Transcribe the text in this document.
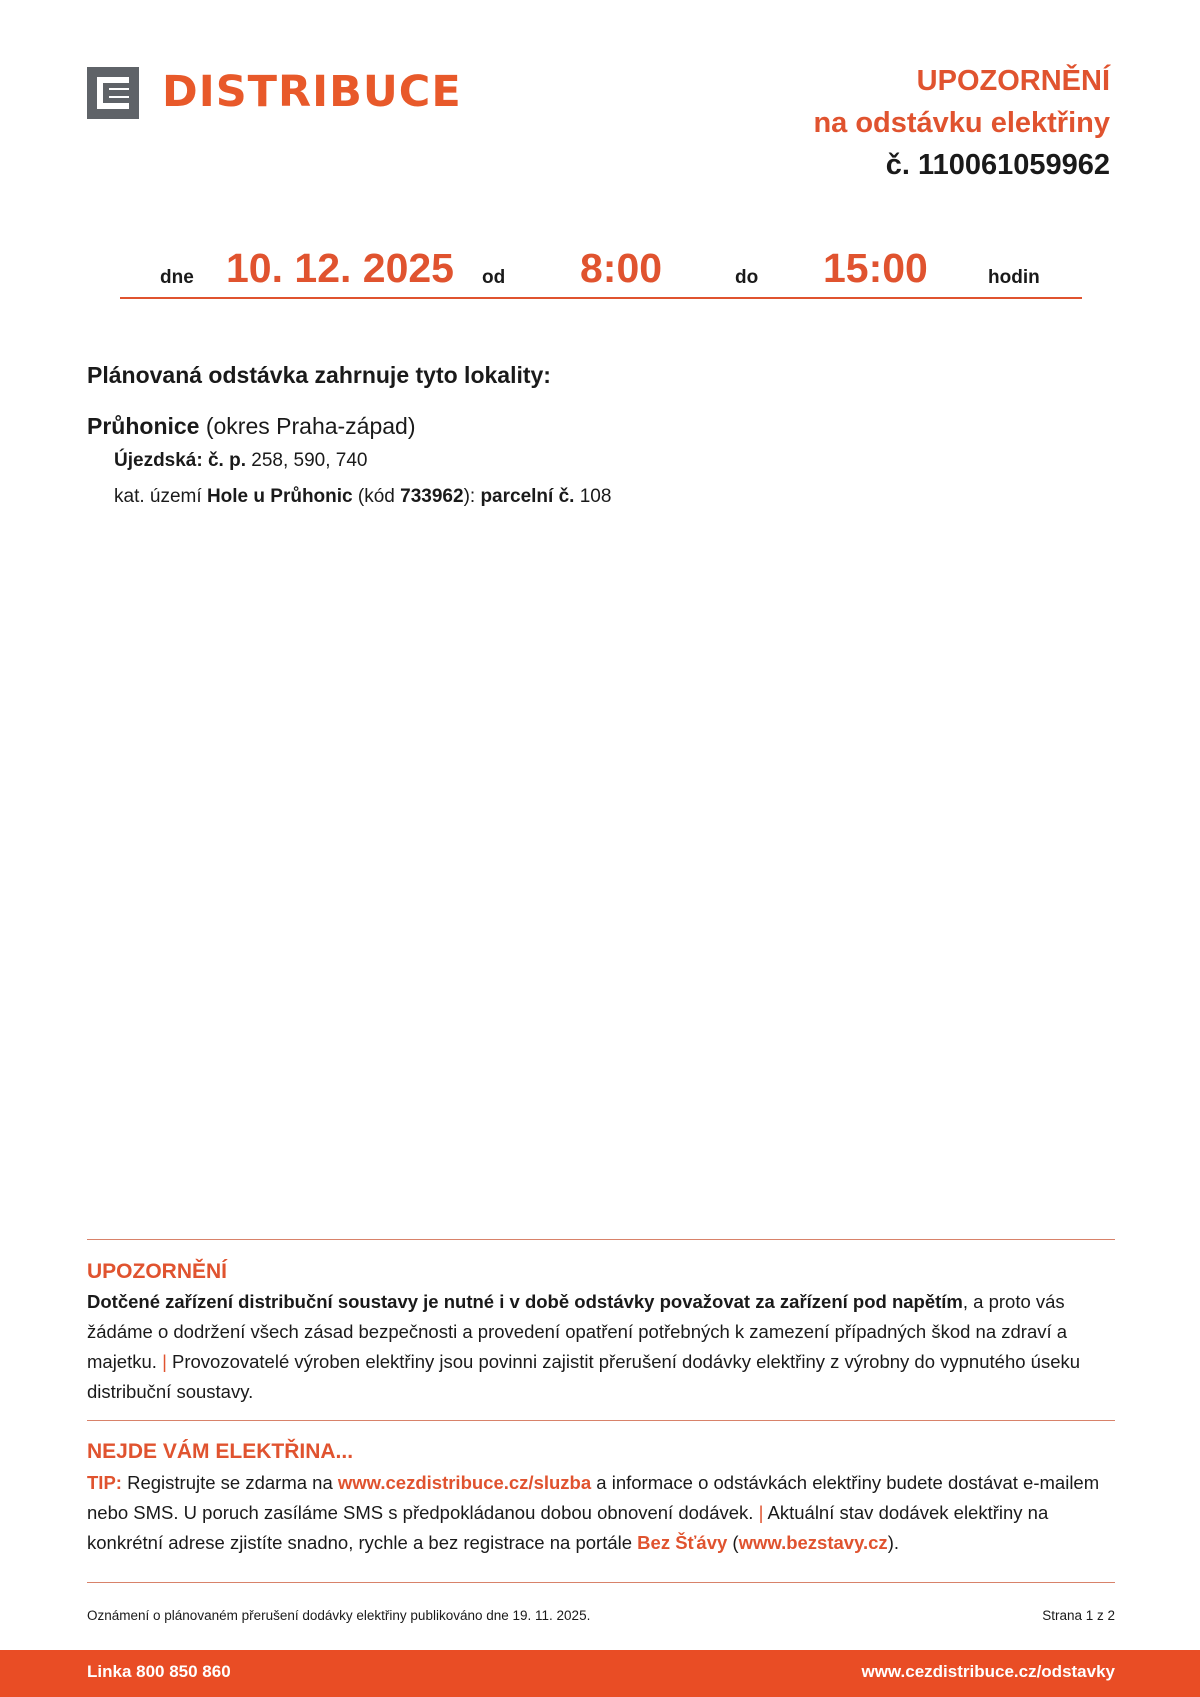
DISTRIBUCE	UPOZORNĚNÍ
na odstávku elektřiny
č. 110061059962
dne 10. 12. 2025 od 8:00	do 15:00	hodin
Plánovaná odstávka zahrnuje tyto lokality:
Průhonice (okres Praha-západ)
Újezdská: č. p. 258, 590, 740
kat. území Hole u Průhonic (kód 733962): parcelní č. 108
UPOZORNĚNÍ
Dotčené zařízení distribuční soustavy je nutné i v době odstávky považovat za zařízení pod napětím, a proto vás žádáme o dodržení všech zásad bezpečnosti a provedení opatření potřebných k zamezení případných škod na zdraví a majetku. | Provozovatelé výroben elektřiny jsou povinni zajistit přerušení dodávky elektřiny z výrobny do vypnutého úseku distribuční soustavy.
NEJDE VÁM ELEKTŘINA...
TIP: Registrujte se zdarma na www.cezdistribuce.cz/sluzba a informace o odstávkách elektřiny budete dostávat e-mailem nebo SMS. U poruch zasíláme SMS s předpokládanou dobou obnovení dodávek. | Aktuální stav dodávek elektřiny na konkrétní adrese zjistíte snadno, rychle a bez registrace na portále Bez Šťávy (www.bezstavy.cz).
Oznámení o plánovaném přerušení dodávky elektřiny publikováno dne 19. 11. 2025.	Strana 1 z 2
Linka 800 850 860	www.cezdistribuce.cz/odstavky
